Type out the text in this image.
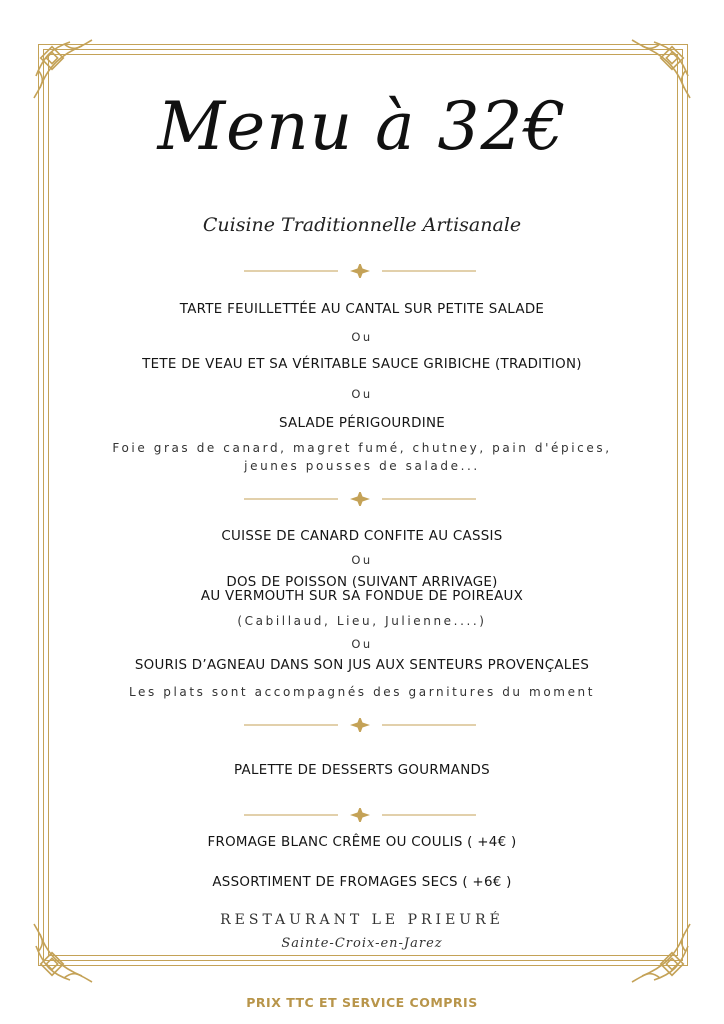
Menu à 32€
Cuisine Traditionnelle Artisanale
TARTE FEUILLETTÉE AU CANTAL SUR PETITE SALADE
Ou
TETE DE VEAU ET SA VÉRITABLE SAUCE GRIBICHE (TRADITION)
Ou
SALADE PÉRIGOURDINE
Foie gras de canard, magret fumé, chutney, pain d'épices,
jeunes pousses de salade...
CUISSE DE CANARD CONFITE AU CASSIS
Ou
DOS DE POISSON (SUIVANT ARRIVAGE)
AU VERMOUTH SUR SA FONDUE DE POIREAUX
(Cabillaud, Lieu, Julienne....)
Ou
SOURIS D’AGNEAU DANS SON JUS AUX SENTEURS PROVENÇALES
Les plats sont accompagnés des garnitures du moment
PALETTE DE DESSERTS GOURMANDS
FROMAGE BLANC CRÊME OU COULIS ( +4€ )
ASSORTIMENT DE FROMAGES SECS ( +6€ )
RESTAURANT LE PRIEURÉ
Sainte-Croix-en-Jarez
PRIX TTC ET SERVICE COMPRIS
